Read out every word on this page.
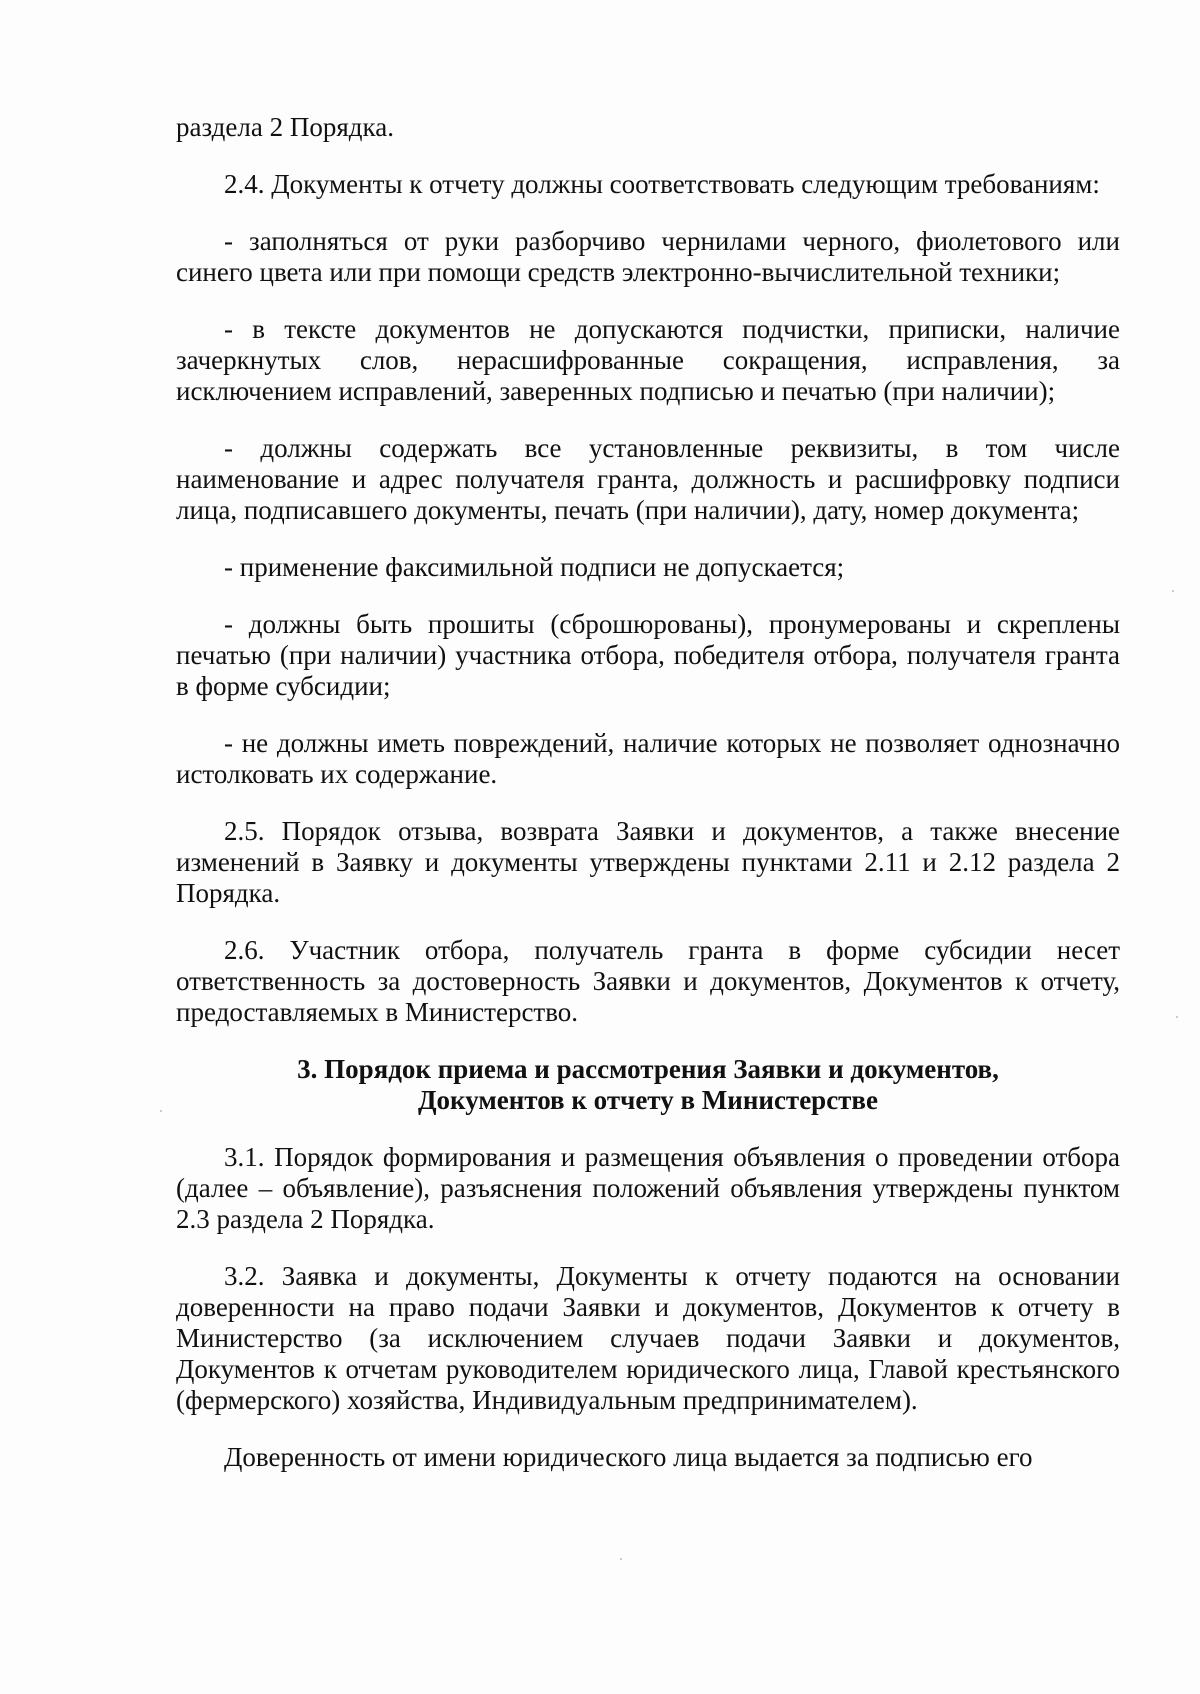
раздела 2 Порядка.

2.4. Документы к отчету должны соответствовать следующим требованиям:

- заполняться от руки разборчиво чернилами черного, фиолетового или синего цвета или при помощи средств электронно-вычислительной техники;

- в тексте документов не допускаются подчистки, приписки, наличие зачеркнутых слов, нерасшифрованные сокращения, исправления, за исключением исправлений, заверенных подписью и печатью (при наличии);

- должны содержать все установленные реквизиты, в том числе наименование и адрес получателя гранта, должность и расшифровку подписи лица, подписавшего документы, печать (при наличии), дату, номер документа;

- применение факсимильной подписи не допускается;

- должны быть прошиты (сброшюрованы), пронумерованы и скреплены печатью (при наличии) участника отбора, победителя отбора, получателя гранта в форме субсидии;

- не должны иметь повреждений, наличие которых не позволяет однозначно истолковать их содержание.

2.5. Порядок отзыва, возврата Заявки и документов, а также внесение изменений в Заявку и документы утверждены пунктами 2.11 и 2.12 раздела 2 Порядка.

2.6. Участник отбора, получатель гранта в форме субсидии несет ответственность за достоверность Заявки и документов, Документов к отчету, предоставляемых в Министерство.

3. Порядок приема и рассмотрения Заявки и документов,
Документов к отчету в Министерстве

3.1. Порядок формирования и размещения объявления о проведении отбора (далее – объявление), разъяснения положений объявления утверждены пунктом 2.3 раздела 2 Порядка.

3.2. Заявка и документы, Документы к отчету подаются на основании доверенности на право подачи Заявки и документов, Документов к отчету в Министерство (за исключением случаев подачи Заявки и документов, Документов к отчетам руководителем юридического лица, Главой крестьянского (фермерского) хозяйства, Индивидуальным предпринимателем).

Доверенность от имени юридического лица выдается за подписью его
